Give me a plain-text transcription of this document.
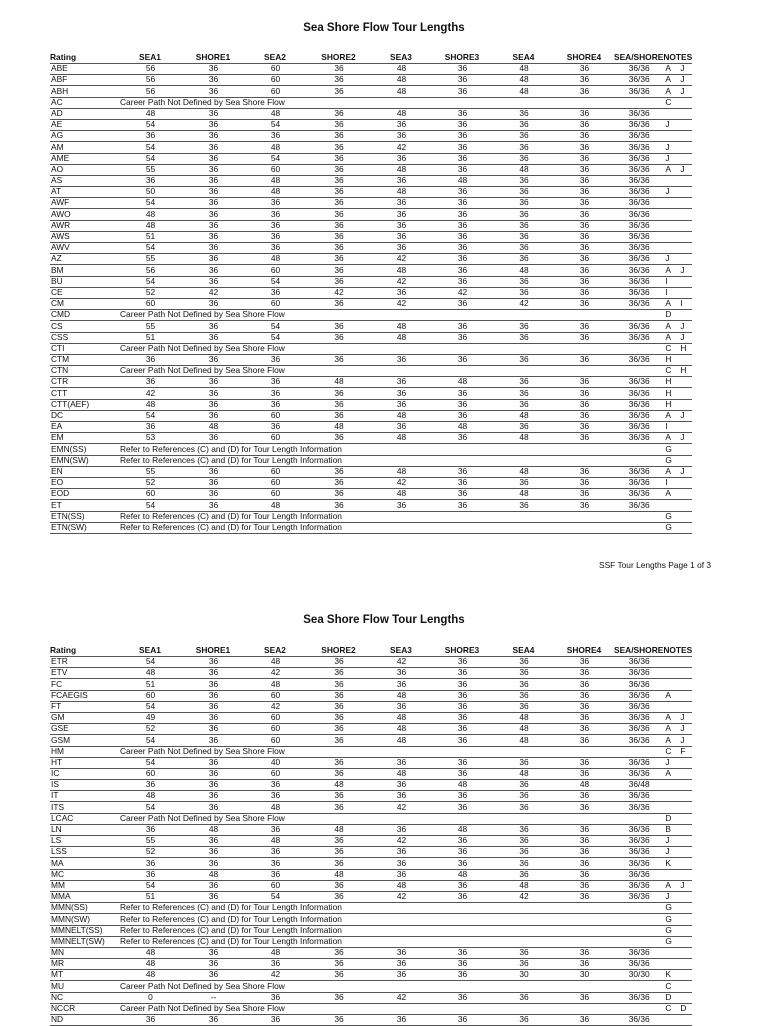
Sea Shore Flow Tour Lengths
Rating	SEA1	SHORE1	SEA2	SHORE2	SEA3	SHORE3	SEA4	SHORE4	SEA/SHORE	NOTES	
ABE	56	36	60	36	48	36	48	36	36/36	A	J
ABF	56	36	60	36	48	36	48	36	36/36	A	J
ABH	56	36	60	36	48	36	48	36	36/36	A	J
AC	Career Path Not Defined by Sea Shore Flow									C	
AD	48	36	48	36	48	36	36	36	36/36		
AE	54	36	54	36	36	36	36	36	36/36	J	
AG	36	36	36	36	36	36	36	36	36/36		
AM	54	36	48	36	42	36	36	36	36/36	J	
AME	54	36	54	36	36	36	36	36	36/36	J	
AO	55	36	60	36	48	36	48	36	36/36	A	J
AS	36	36	48	36	36	48	36	36	36/36		
AT	50	36	48	36	48	36	36	36	36/36	J	
AWF	54	36	36	36	36	36	36	36	36/36		
AWO	48	36	36	36	36	36	36	36	36/36		
AWR	48	36	36	36	36	36	36	36	36/36		
AWS	51	36	36	36	36	36	36	36	36/36		
AWV	54	36	36	36	36	36	36	36	36/36		
AZ	55	36	48	36	42	36	36	36	36/36	J	
BM	56	36	60	36	48	36	48	36	36/36	A	J
BU	54	36	54	36	42	36	36	36	36/36	I	
CE	52	42	36	42	36	42	36	36	36/36	I	
CM	60	36	60	36	42	36	42	36	36/36	A	I
CMD	Career Path Not Defined by Sea Shore Flow									D	
CS	55	36	54	36	48	36	36	36	36/36	A	J
CSS	51	36	54	36	48	36	36	36	36/36	A	J
CTI	Career Path Not Defined by Sea Shore Flow									C	H
CTM	36	36	36	36	36	36	36	36	36/36	H	
CTN	Career Path Not Defined by Sea Shore Flow									C	H
CTR	36	36	36	48	36	48	36	36	36/36	H	
CTT	42	36	36	36	36	36	36	36	36/36	H	
CTT(AEF)	48	36	36	36	36	36	36	36	36/36	H	
DC	54	36	60	36	48	36	48	36	36/36	A	J
EA	36	48	36	48	36	48	36	36	36/36	I	
EM	53	36	60	36	48	36	48	36	36/36	A	J
EMN(SS)	Refer to References (C) and (D) for Tour Length Information									G	
EMN(SW)	Refer to References (C) and (D) for Tour Length Information									G	
EN	55	36	60	36	48	36	48	36	36/36	A	J
EO	52	36	60	36	42	36	36	36	36/36	I	
EOD	60	36	60	36	48	36	48	36	36/36	A	
ET	54	36	48	36	36	36	36	36	36/36		
ETN(SS)	Refer to References (C) and (D) for Tour Length Information									G	
ETN(SW)	Refer to References (C) and (D) for Tour Length Information									G	
SSF Tour Lengths Page 1 of 3
Sea Shore Flow Tour Lengths
Rating	SEA1	SHORE1	SEA2	SHORE2	SEA3	SHORE3	SEA4	SHORE4	SEA/SHORE	NOTES	
ETR	54	36	48	36	42	36	36	36	36/36		
ETV	48	36	42	36	36	36	36	36	36/36		
FC	51	36	48	36	36	36	36	36	36/36		
FCAEGIS	60	36	60	36	48	36	36	36	36/36	A	
FT	54	36	42	36	36	36	36	36	36/36		
GM	49	36	60	36	48	36	48	36	36/36	A	J
GSE	52	36	60	36	48	36	48	36	36/36	A	J
GSM	54	36	60	36	48	36	48	36	36/36	A	J
HM	Career Path Not Defined by Sea Shore Flow									C	F
HT	54	36	40	36	36	36	36	36	36/36	J	
IC	60	36	60	36	48	36	48	36	36/36	A	
IS	36	36	36	48	36	48	36	48	36/48		
IT	48	36	36	36	36	36	36	36	36/36		
ITS	54	36	48	36	42	36	36	36	36/36		
LCAC	Career Path Not Defined by Sea Shore Flow									D	
LN	36	48	36	48	36	48	36	36	36/36	B	
LS	55	36	48	36	42	36	36	36	36/36	J	
LSS	52	36	36	36	36	36	36	36	36/36	J	
MA	36	36	36	36	36	36	36	36	36/36	K	
MC	36	48	36	48	36	48	36	36	36/36		
MM	54	36	60	36	48	36	48	36	36/36	A	J
MMA	51	36	54	36	42	36	42	36	36/36	J	
MMN(SS)	Refer to References (C) and (D) for Tour Length Information									G	
MMN(SW)	Refer to References (C) and (D) for Tour Length Information									G	
MMNELT(SS)	Refer to References (C) and (D) for Tour Length Information									G	
MMNELT(SW)	Refer to References (C) and (D) for Tour Length Information									G	
MN	48	36	48	36	36	36	36	36	36/36		
MR	48	36	36	36	36	36	36	36	36/36		
MT	48	36	42	36	36	36	30	30	30/30	K	
MU	Career Path Not Defined by Sea Shore Flow									C	
NC	0	--	36	36	42	36	36	36	36/36	D	
NCCR	Career Path Not Defined by Sea Shore Flow									C	D
ND	36	36	36	36	36	36	36	36	36/36		
